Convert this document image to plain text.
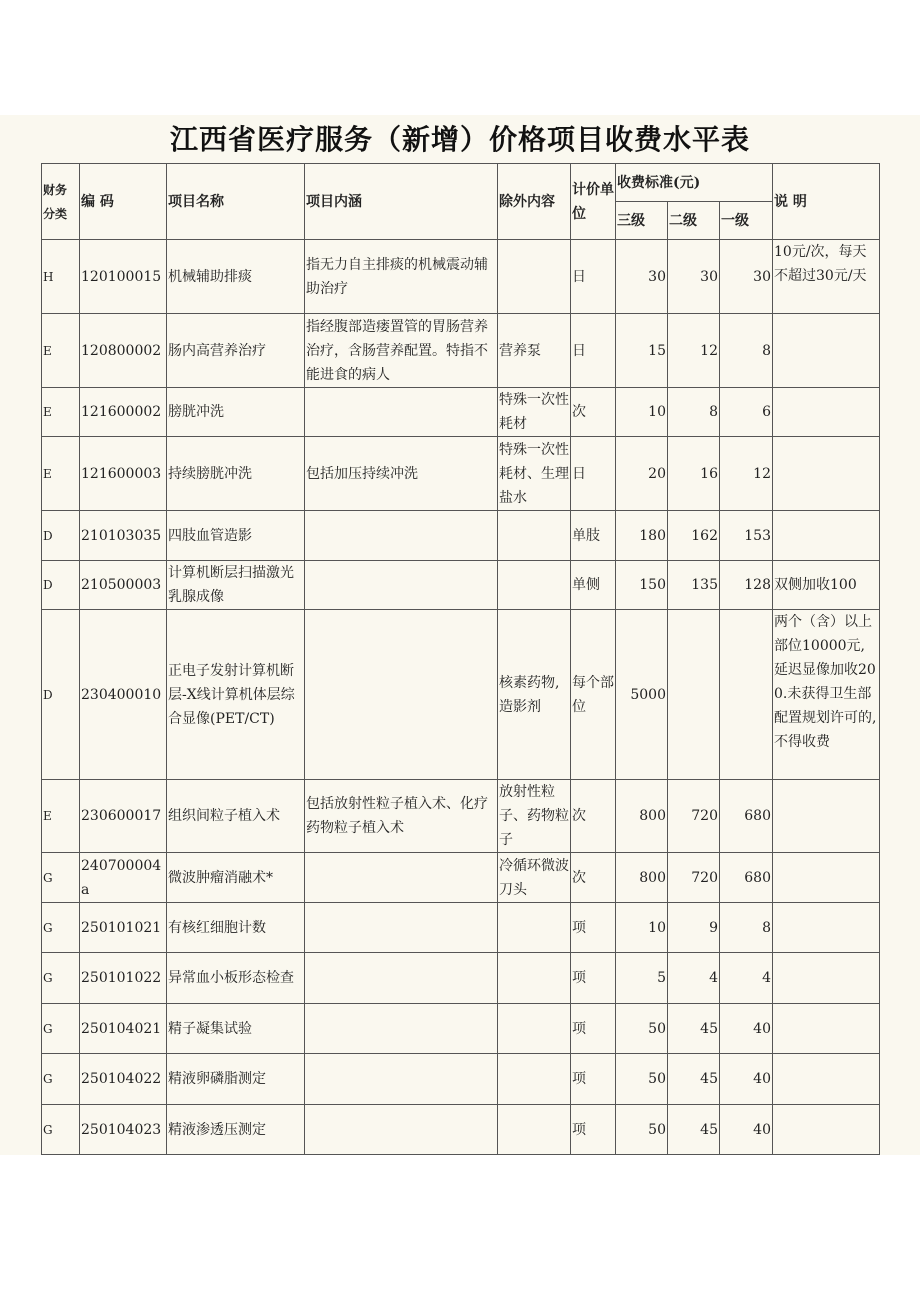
江西省医疗服务（新增）价格项目收费水平表
财务分类	编 码	项目名称	项目内涵	除外内容	计价单位	收费标准(元)			说 明
						三级	二级	一级	
H	120100015	机械辅助排痰	指无力自主排痰的机械震动辅助治疗		日	30	30	30	10元/次，每天不超过30元/天
E	120800002	肠内高营养治疗	指经腹部造瘘置管的胃肠营养治疗，含肠营养配置。特指不能进食的病人	营养泵	日	15	12	8	
E	121600002	膀胱冲洗		特殊一次性耗材	次	10	8	6	
E	121600003	持续膀胱冲洗	包括加压持续冲洗	特殊一次性耗材、生理盐水	日	20	16	12	
D	210103035	四肢血管造影			单肢	180	162	153	
D	210500003	计算机断层扫描激光乳腺成像			单侧	150	135	128	双侧加收100
D	230400010	正电子发射计算机断层-X线计算机体层综合显像(PET/CT)		核素药物,造影剂	每个部位	5000			两个（含）以上部位10000元,延迟显像加收200.未获得卫生部配置规划许可的,不得收费
E	230600017	组织间粒子植入术	包括放射性粒子植入术、化疗药物粒子植入术	放射性粒子、药物粒子	次	800	720	680	
G	240700004a	微波肿瘤消融术*		冷循环微波刀头	次	800	720	680	
G	250101021	有核红细胞计数			项	10	9	8	
G	250101022	异常血小板形态检查			项	5	4	4	
G	250104021	精子凝集试验			项	50	45	40	
G	250104022	精液卵磷脂测定			项	50	45	40	
G	250104023	精液渗透压测定			项	50	45	40	
